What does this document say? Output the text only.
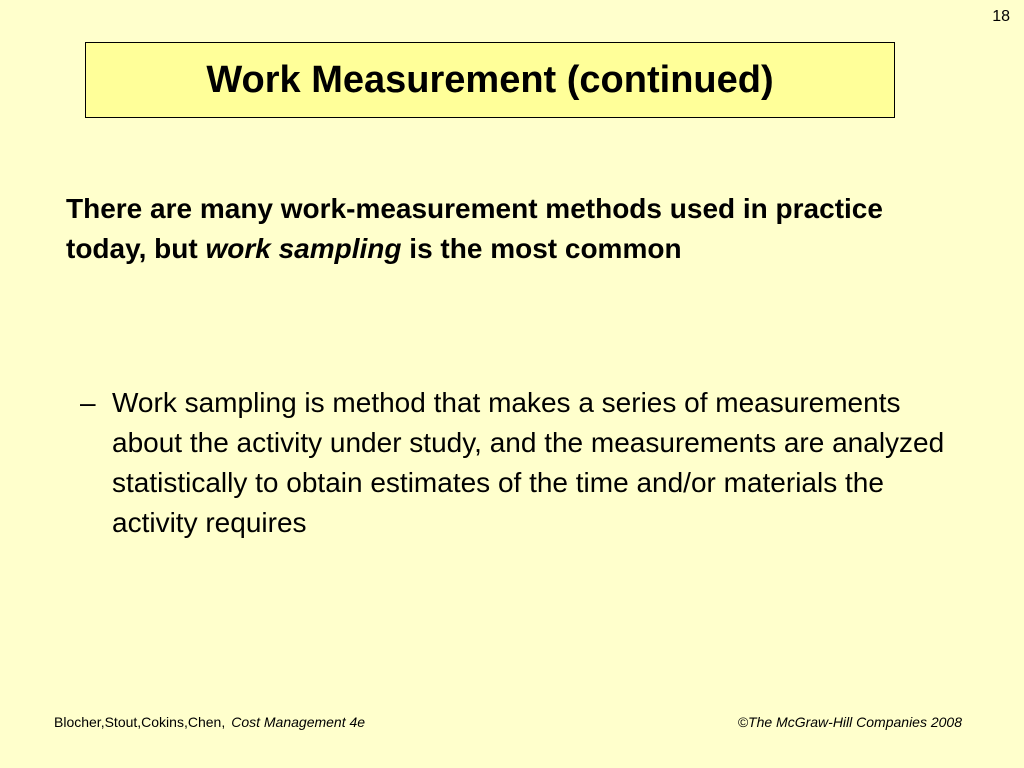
18
Work Measurement (continued)
There are many work-measurement methods used in practice today, but work sampling is the most common
– Work sampling is method that makes a series of measurements about the activity under study, and the measurements are analyzed statistically to obtain estimates of the time and/or materials the activity requires
Blocher,Stout,Cokins,Chen, Cost Management 4e	©The McGraw-Hill Companies 2008
